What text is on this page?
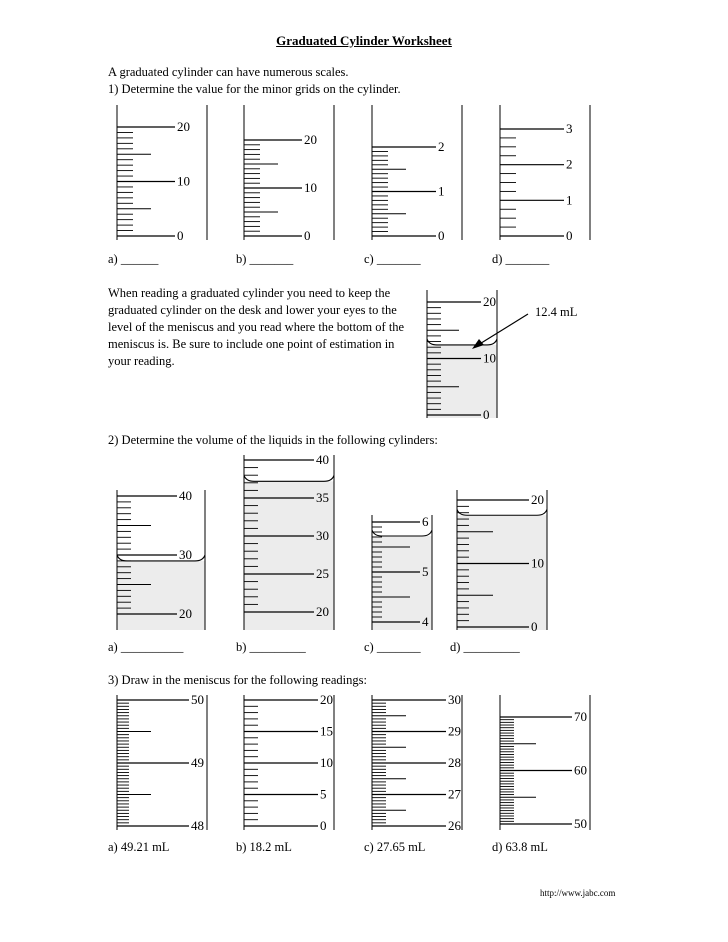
Graduated Cylinder Worksheet
A graduated cylinder can have numerous scales.
1) Determine the value for the minor grids on the cylinder.
20
10
0
20
10
0
2
1
0
3
2
1
0
a) ______	b) _______	c) _______	d) _______
When reading a graduated cylinder you need to keep the graduated cylinder on the desk and lower your eyes to the level of the meniscus and you read where the bottom of the meniscus is. Be sure to include one point of estimation in your reading.
20
10
0
12.4 mL
2) Determine the volume of the liquids in the following cylinders:
40
30
20
40
35
30
25
20
6
5
4
20
10
0
a) __________	b) _________	c) _______ d) _________
3) Draw in the meniscus for the following readings:
50
49
48
20
15
10
5
0
30
29
28
27
26
70
60
50
a) 49.21 mL	b) 18.2 mL	c) 27.65 mL	d) 63.8 mL
http://www.jabc.com
